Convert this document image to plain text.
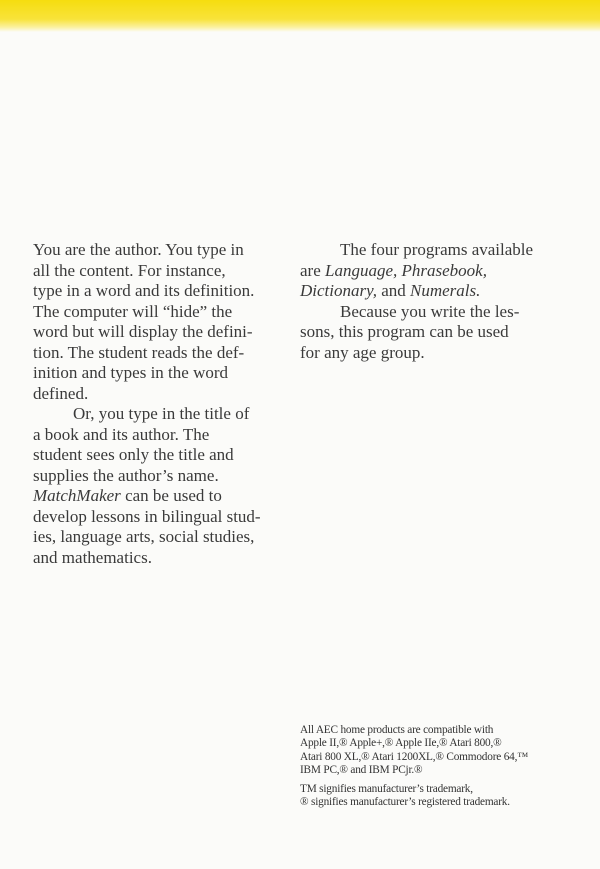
You are the author. You type in
all the content. For instance,
type in a word and its definition.
The computer will “hide” the
word but will display the defini-
tion. The student reads the def-
inition and types in the word
defined.

Or, you type in the title of
a book and its author. The
student sees only the title and
supplies the author’s name.
MatchMaker can be used to
develop lessons in bilingual stud-
ies, language arts, social studies,
and mathematics.

The four programs available
are Language, Phrasebook,
Dictionary, and Numerals.

Because you write the les-
sons, this program can be used
for any age group.

All AEC home products are compatible with
Apple II,® Apple+,® Apple IIe,® Atari 800,®
Atari 800 XL,® Atari 1200XL,® Commodore 64,™
IBM PC,® and IBM PCjr.®

TM signifies manufacturer’s trademark,
® signifies manufacturer’s registered trademark.
